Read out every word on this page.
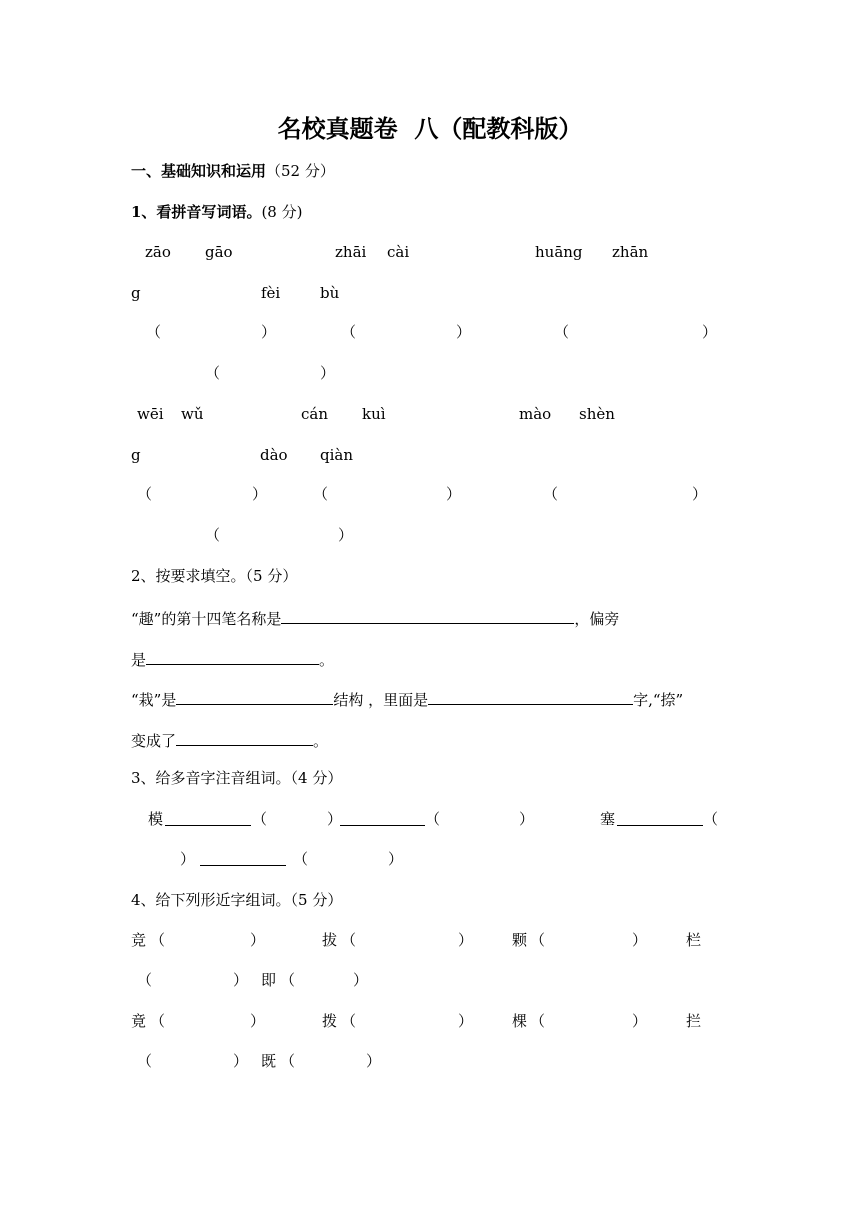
名校真题卷  八（配教科版）
一、基础知识和运用（52 分）
1、看拼音写词语。(8 分)
zāo gāo	zhāi cài	huāng zhān
g	fèi	bù
（	）	（	）	（	）
（	）
wēi wǔ	cán kuì	mào shèn
g	dào qiàn
（	）	（	）	（	）
（	）
2、按要求填空。（5 分）
“趣”的第十四笔名称是	，偏旁
是	。
“栽”是	结构 ，里面是	字,“捺”
变成了	。
3、给多音字注音组词。（4 分）
模	（	）	（	）	塞	（
）	（	）
4、给下列形近字组词。（5 分）
竞 （	）	拔 （	）	颗 （	）	栏
（	） 即 （	）
竟 （	）	拨 （	）	棵 （	）	拦
（	） 既 （	）
